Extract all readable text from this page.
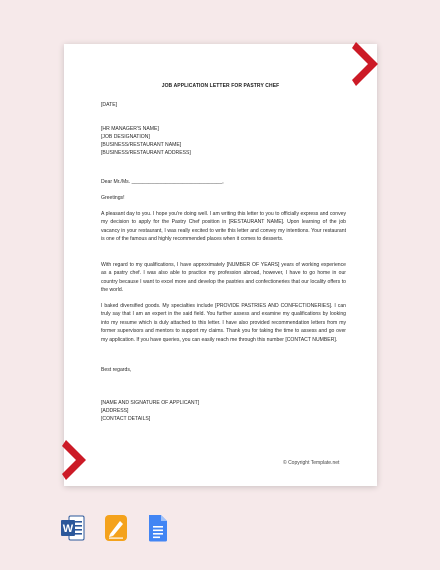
JOB APPLICATION LETTER FOR PASTRY CHEF
[DATE]
[HR MANAGER'S NAME]
[JOB DESIGNATION]
[BUSINESS/RESTAURANT NAME]
[BUSINESS/RESTAURANT ADDRESS]
Dear Mr./Ms. ________________________________,
Greetings!
A pleasant day to you. I hope you're doing well. I am writing this letter to you to officially express and convey my decision to apply for the Pastry Chef position in [RESTAURANT NAME]. Upon learning of the job vacancy in your restaurant, I was really excited to write this letter and convey my intentions. Your restaurant is one of the famous and highly recommended places when it comes to desserts.
With regard to my qualifications, I have approximately [NUMBER OF YEARS] years of working experience as a pastry chef. I was also able to practice my profession abroad, however, I have to go home in our country because I want to excel more and develop the pastries and confectioneries that our locality offers to the world.
I baked diversified goods. My specialties include [PROVIDE PASTRIES AND CONFECTIONERIES]. I can truly say that I am an expert in the said field. You further assess and examine my qualifications by looking into my resume which is duly attached to this letter. I have also provided recommendation letters from my former supervisors and mentors to support my claims. Thank you for taking the time to assess and go over my application. If you have queries, you can easily reach me through this number [CONTACT NUMBER].
Best regards,
[NAME AND SIGNATURE OF APPLICANT]
[ADDRESS]
[CONTACT DETAILS]
© Copyright Template.net
W
